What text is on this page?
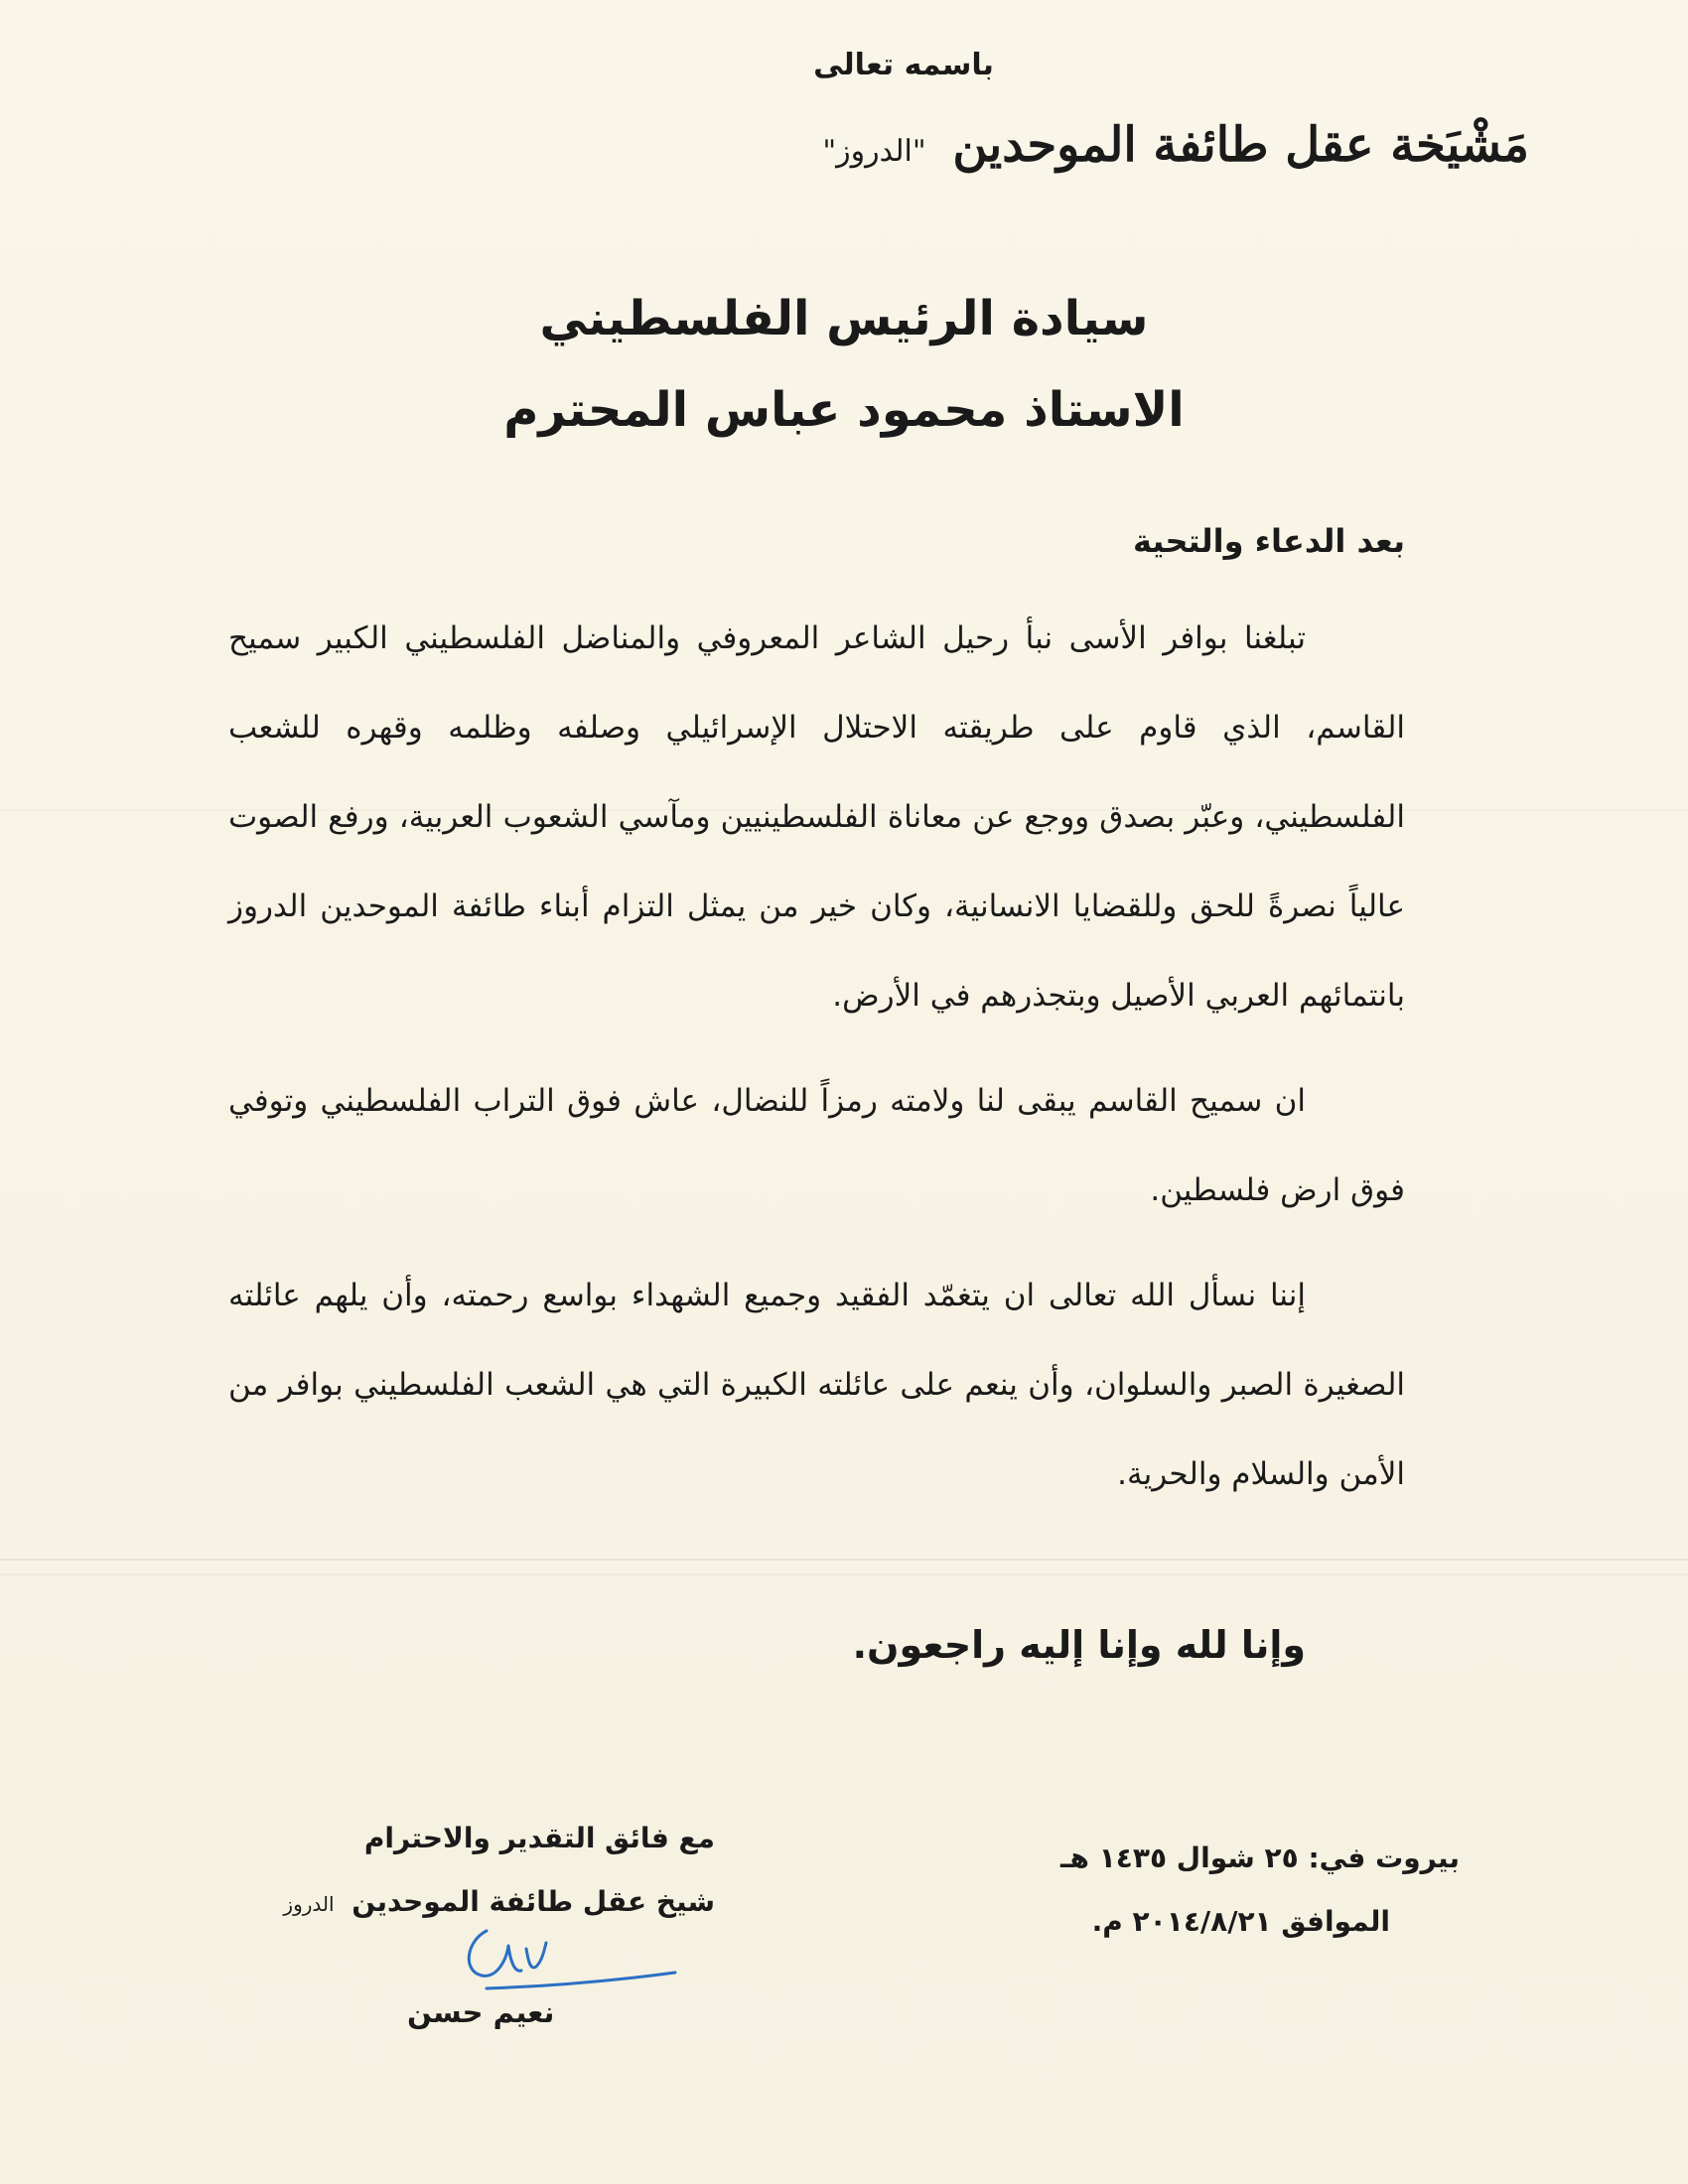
باسمه تعالى
مَشْيَخة عقل طائفة الموحدين "الدروز"
سيادة الرئيس الفلسطيني
الاستاذ محمود عباس المحترم

بعد الدعاء والتحية

تبلغنا بوافر الأسى نبأ رحيل الشاعر المعروفي والمناضل الفلسطيني الكبير سميح القاسم، الذي قاوم على طريقته الاحتلال الإسرائيلي وصلفه وظلمه وقهره للشعب الفلسطيني، وعبّر بصدق ووجع عن معاناة الفلسطينيين ومآسي الشعوب العربية، ورفع الصوت عالياً نصرةً للحق وللقضايا الانسانية، وكان خير من يمثل التزام أبناء طائفة الموحدين الدروز بانتمائهم العربي الأصيل وبتجذرهم في الأرض.

ان سميح القاسم يبقى لنا ولامته رمزاً للنضال، عاش فوق التراب الفلسطيني وتوفي فوق ارض فلسطين.

إننا نسأل الله تعالى ان يتغمّد الفقيد وجميع الشهداء بواسع رحمته، وأن يلهم عائلته الصغيرة الصبر والسلوان، وأن ينعم على عائلته الكبيرة التي هي الشعب الفلسطيني بوافر من الأمن والسلام والحرية.

وإنا لله وإنا إليه راجعون.
مع فائق التقدير والاحترام
شيخ عقل طائفة الموحدين الدروز
نعيم حسن
بيروت في: ٢٥ شوال ١٤٣٥ هـ
الموافق ٢٠١٤/٨/٢١ م.
